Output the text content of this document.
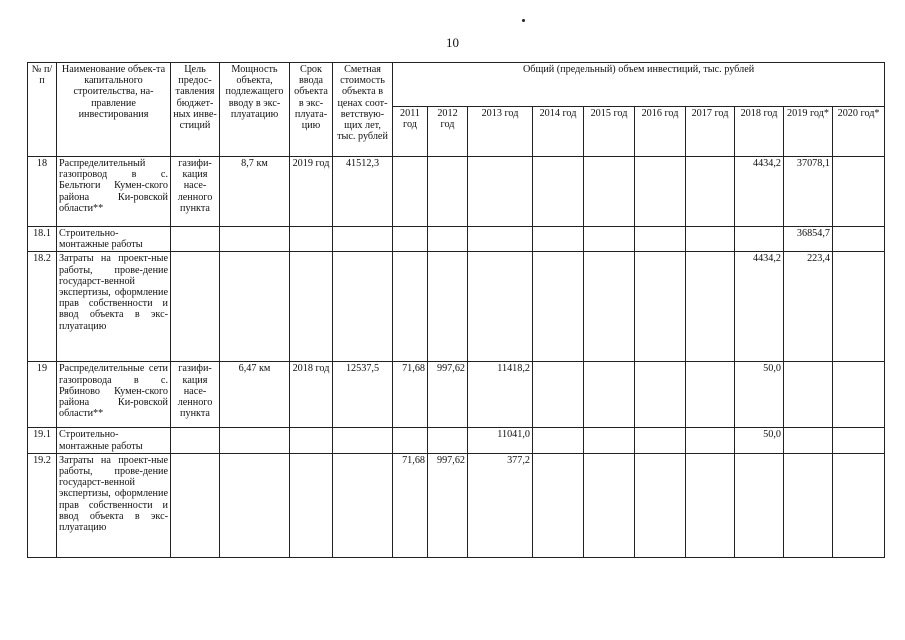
10
№ п/п	Наименование объек-та капитального строительства, на-правление инвестирования	Цель предос-тавления бюджет-ных инве-стиций	Мощность объекта, подлежащего вводу в экс-плуатацию	Срок ввода объекта в экс-плуата-цию	Сметная стоимость объекта в ценах соот-ветствую-щих лет, тыс. рублей	Общий (предельный) объем инвестиций, тыс. рублей									
						2011 год	2012 год	2013 год	2014 год	2015 год	2016 год	2017 год	2018 год	2019 год*	2020 год*
18	Распределительный газопровод в с. Бельтюги Кумен-ского района Ки-ровской области**	газифи-кация насе-ленного пункта	8,7 км	2019 год	41512,3								4434,2	37078,1	
18.1	Строительно-монтажные работы													36854,7	
18.2	Затраты на проект-ные работы, прове-дение государст-венной экспертизы, оформление прав собственности и ввод объекта в экс-плуатацию												4434,2	223,4	
19	Распределительные сети газопровода в с. Рябиново Кумен-ского района Ки-ровской области**	газифи-кация насе-ленного пункта	6,47 км	2018 год	12537,5	71,68	997,62	11418,2					50,0		
19.1	Строительно-монтажные работы							11041,0					50,0		
19.2	Затраты на проект-ные работы, прове-дение государст-венной экспертизы, оформление прав собственности и ввод объекта в экс-плуатацию					71,68	997,62	377,2							
